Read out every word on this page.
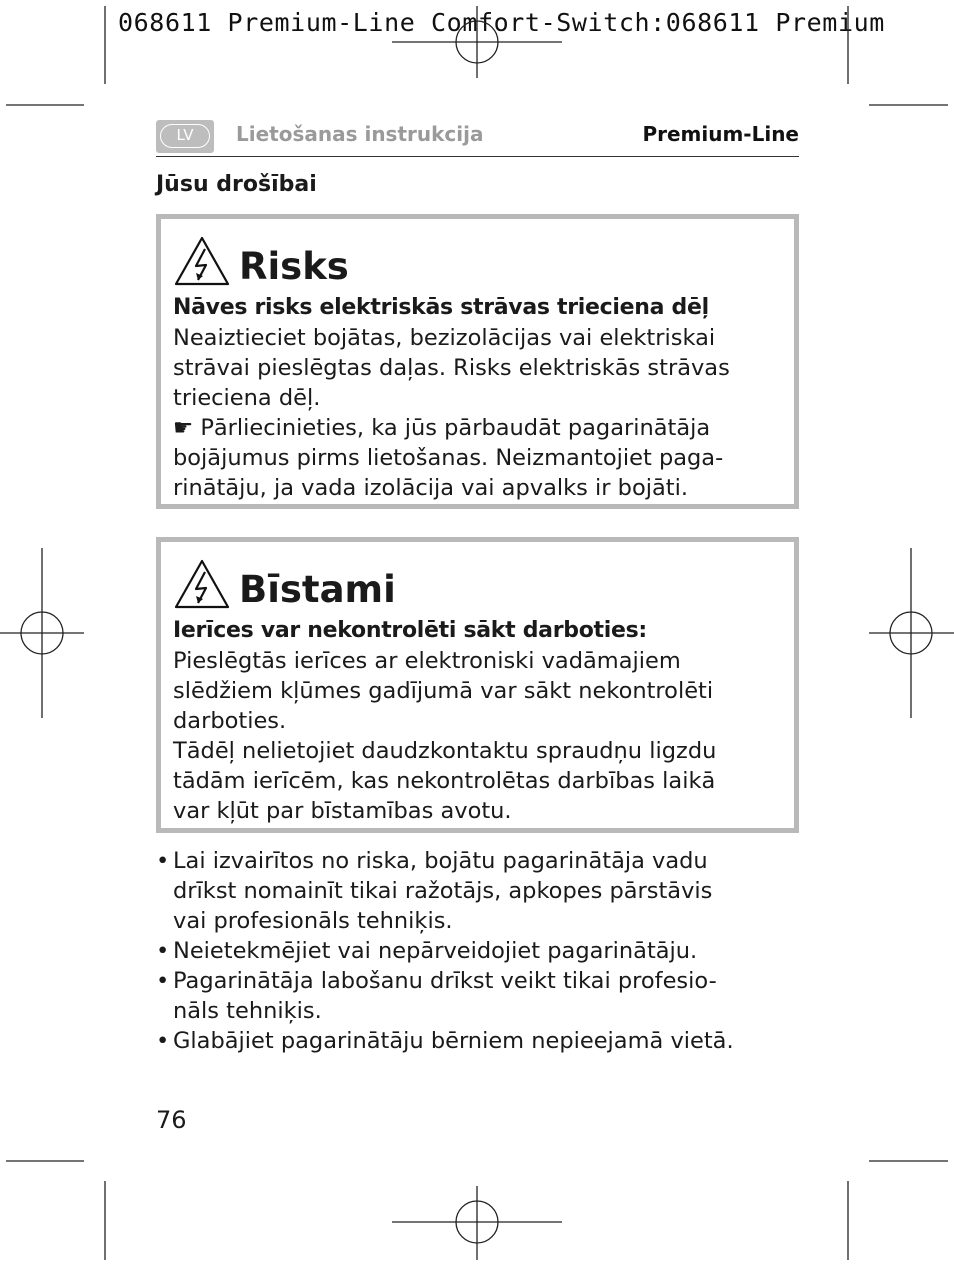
068611 Premium-Line Comfort-Switch:068611 Premium
LV	Lietošanas instrukcija	Premium-Line
Jūsu drošībai
Risks
Nāves risks elektriskās strāvas trieciena dēļ

Neaiztieciet bojātas, bezizolācijas vai elektriskai
strāvai pieslēgtas daļas. Risks elektriskās strāvas
trieciena dēļ.

☛ Pārliecinieties, ka jūs pārbaudāt pagarinātāja
bojājumus pirms lietošanas. Neizmantojiet paga-
rinātāju, ja vada izolācija vai apvalks ir bojāti.

Bīstami
Ierīces var nekontrolēti sākt darboties:

Pieslēgtās ierīces ar elektroniski vadāmajiem
slēdžiem kļūmes gadījumā var sākt nekontrolēti
darboties.

Tādēļ nelietojiet daudzkontaktu spraudņu ligzdu
tādām ierīcēm, kas nekontrolētas darbības laikā
var kļūt par bīstamības avotu.

• Lai izvairītos no riska, bojātu pagarinātāja vadu
drīkst nomainīt tikai ražotājs, apkopes pārstāvis
vai profesionāls tehniķis.
• Neietekmējiet vai nepārveidojiet pagarinātāju.
• Pagarinātāja labošanu drīkst veikt tikai profesio-
nāls tehniķis.
• Glabājiet pagarinātāju bērniem nepieejamā vietā.
76
